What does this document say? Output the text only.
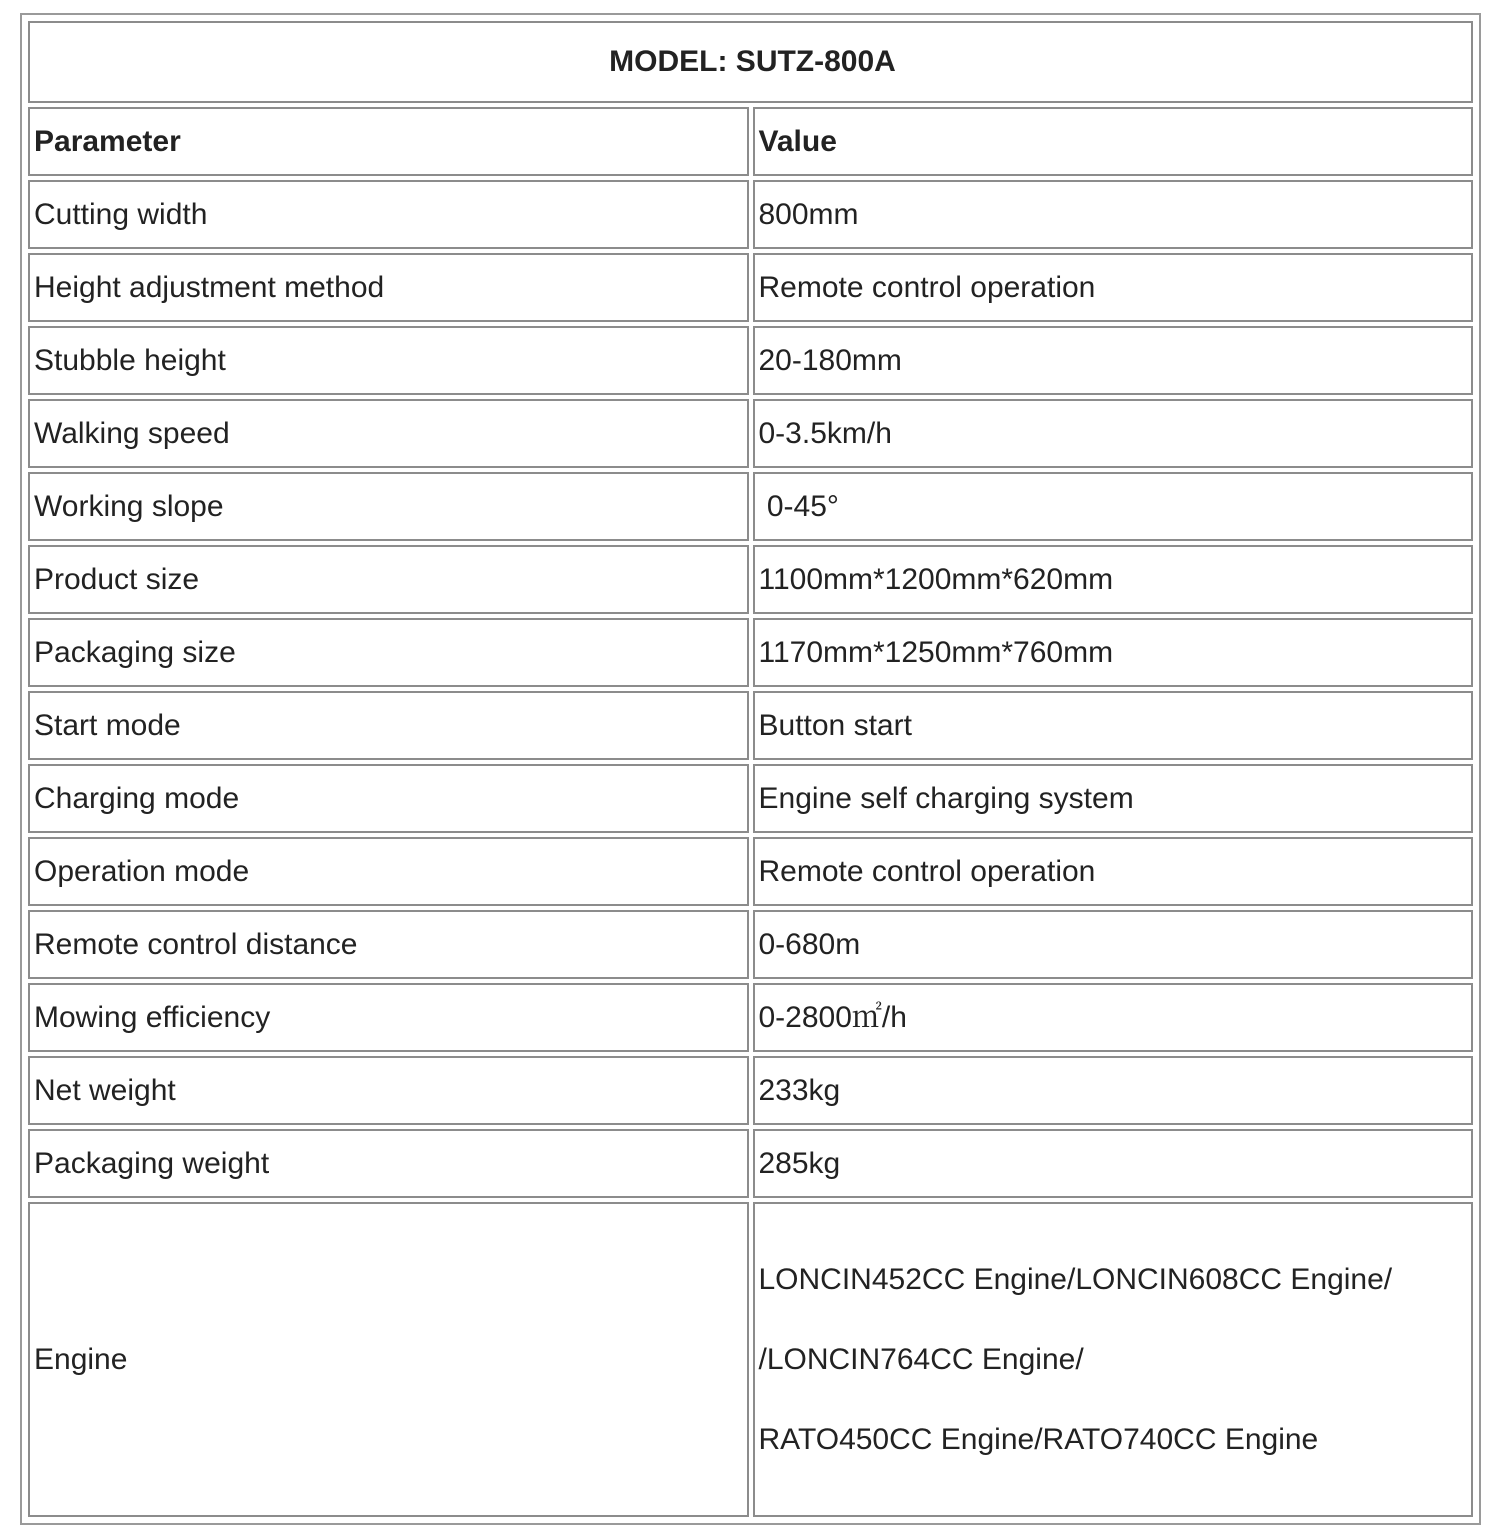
MODEL: SUTZ-800A	
Parameter	Value
Cutting width	800mm
Height adjustment method	Remote control operation
Stubble height	20-180mm
Walking speed	0-3.5km/h
Working slope	0-45°
Product size	1100mm*1200mm*620mm
Packaging size	1170mm*1250mm*760mm
Start mode	Button start
Charging mode	Engine self charging system
Operation mode	Remote control operation
Remote control distance	0-680m
Mowing efficiency	0-2800㎡/h
Net weight	233kg
Packaging weight	285kg
Engine	LONCIN452CC Engine/LONCIN608CC Engine/
/LONCIN764CC Engine/
RATO450CC Engine/RATO740CC Engine
